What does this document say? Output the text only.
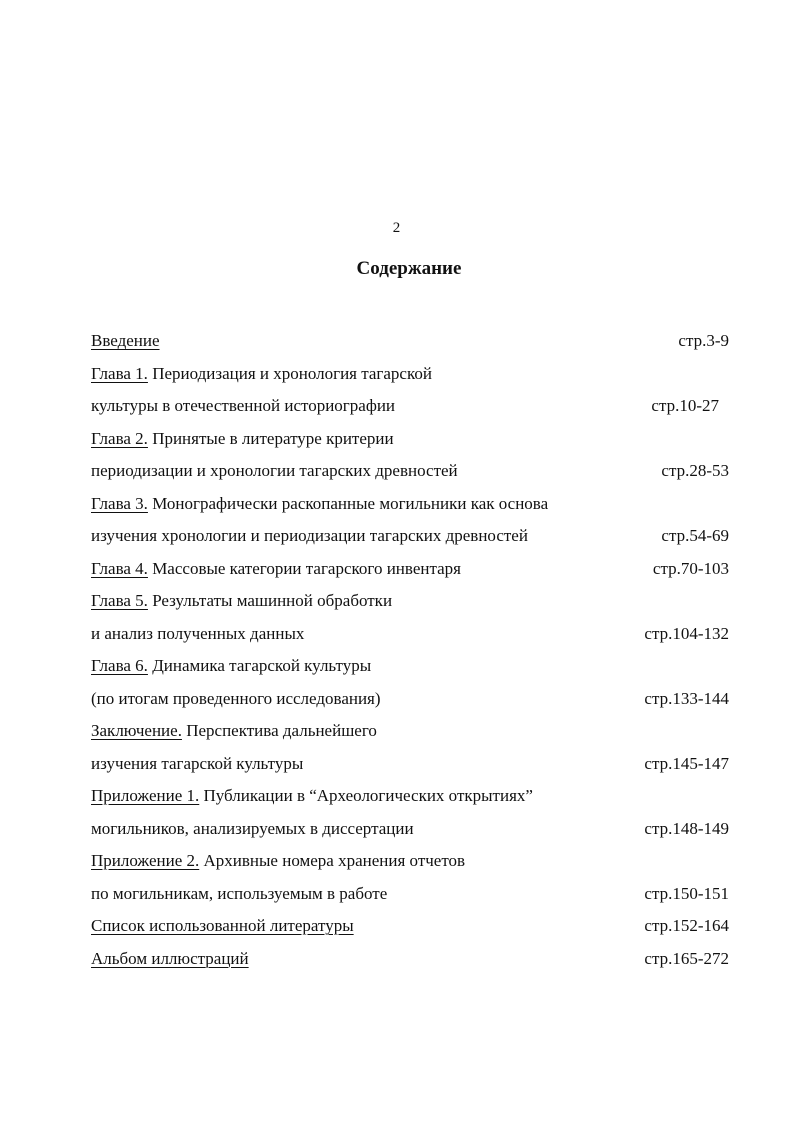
2
Содержание
Введение	стр.3-9
Глава 1. Периодизация и хронология тагарской
культуры в отечественной историографии	стр.10-27
Глава 2. Принятые в литературе критерии
периодизации и хронологии тагарских древностей	стр.28-53
Глава 3. Монографически раскопанные могильники как основа
изучения хронологии и периодизации тагарских древностей	стр.54-69
Глава 4. Массовые категории тагарского инвентаря	стр.70-103
Глава 5. Результаты машинной обработки
и анализ полученных данных	стр.104-132
Глава 6. Динамика тагарской культуры
(по итогам проведенного исследования)	стр.133-144
Заключение. Перспектива дальнейшего
изучения тагарской культуры	стр.145-147
Приложение 1. Публикации в “Археологических открытиях”
могильников, анализируемых в диссертации	стр.148-149
Приложение 2. Архивные номера хранения отчетов
по могильникам, используемым в работе	стр.150-151
Список использованной литературы	стр.152-164
Альбом иллюстраций	стр.165-272
